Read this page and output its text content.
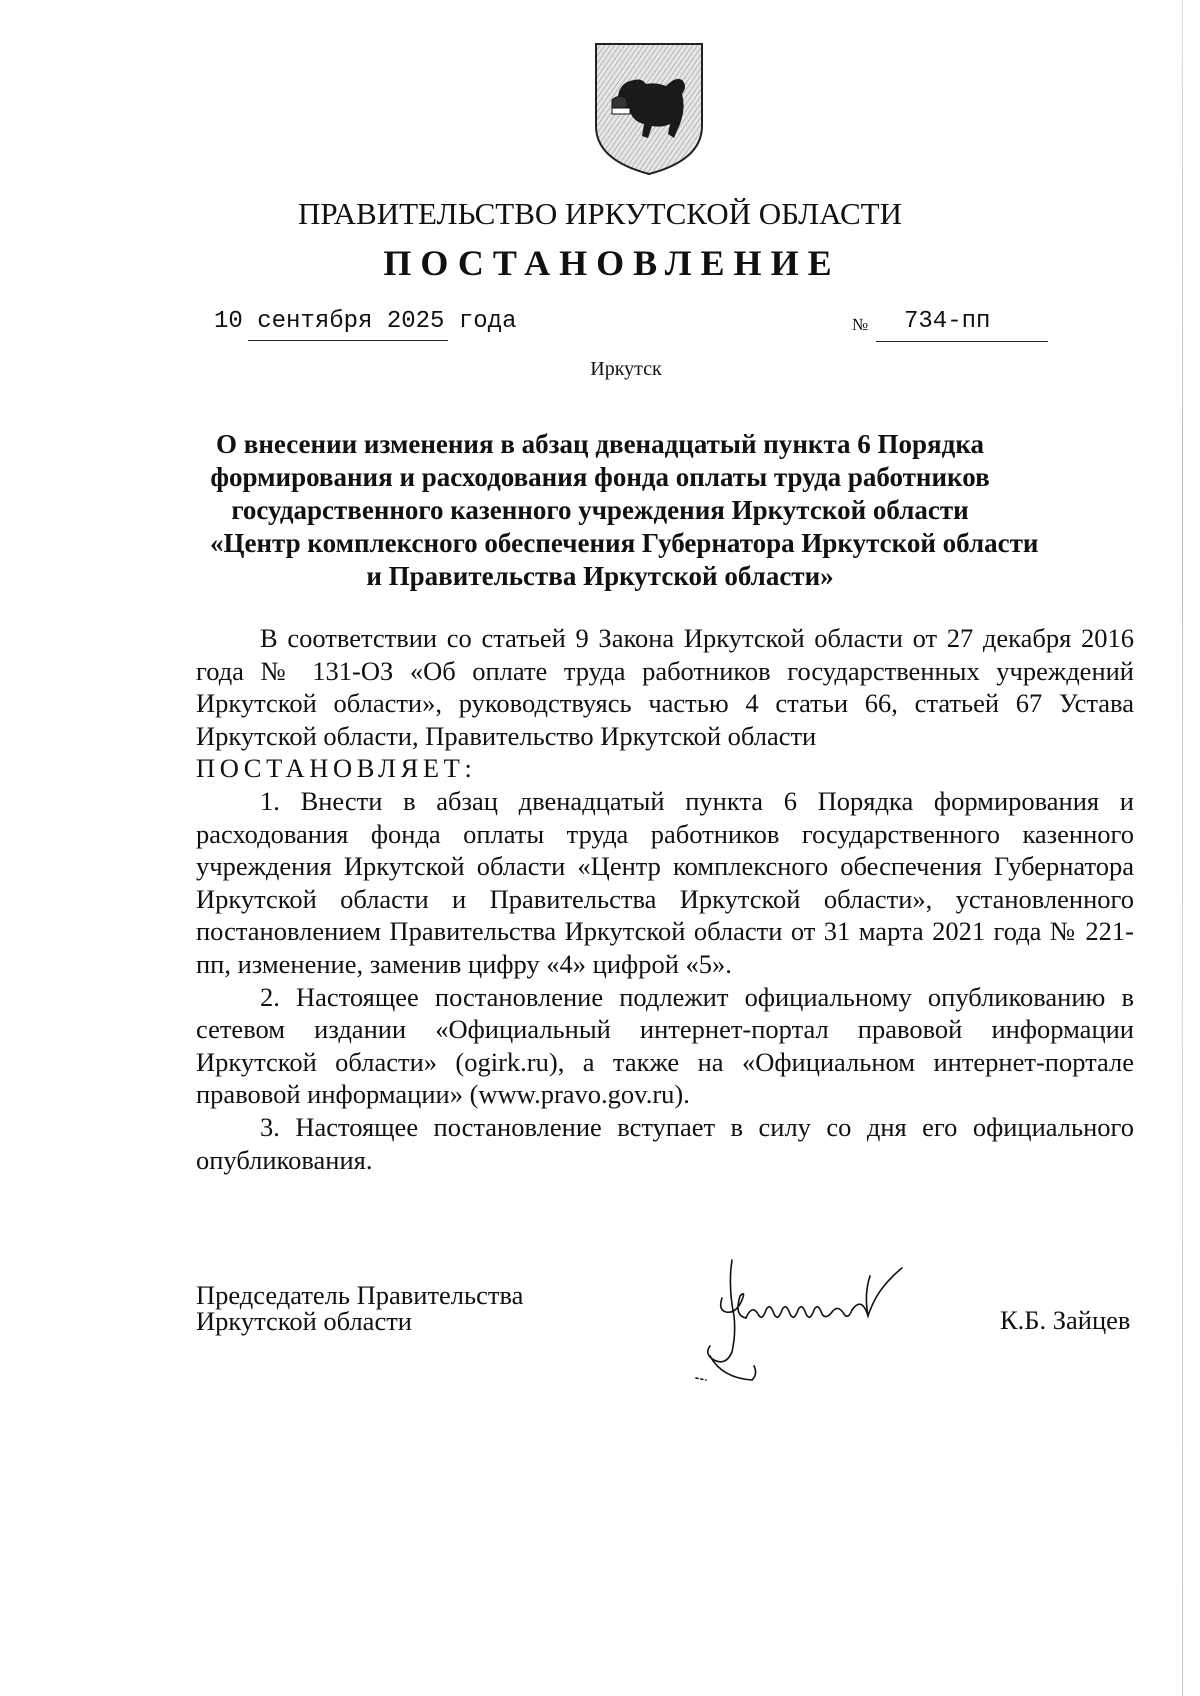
ПРАВИТЕЛЬСТВО ИРКУТСКОЙ ОБЛАСТИ
ПОСТАНОВЛЕНИЕ
10 сентября 2025 года	№ 734-пп
Иркутск
О внесении изменения в абзац двенадцатый пункта 6 Порядка
формирования и расходования фонда оплаты труда работников
государственного казенного учреждения Иркутской области
«Центр комплексного обеспечения Губернатора Иркутской области
и Правительства Иркутской области»

В соответствии со статьей 9 Закона Иркутской области от 27 декабря 2016 года № 131-ОЗ «Об оплате труда работников государственных учреждений Иркутской области», руководствуясь частью 4 статьи 66, статьей 67 Устава Иркутской области, Правительство Иркутской области

ПОСТАНОВЛЯЕТ:

1. Внести в абзац двенадцатый пункта 6 Порядка формирования и расходования фонда оплаты труда работников государственного казенного учреждения Иркутской области «Центр комплексного обеспечения Губернатора Иркутской области и Правительства Иркутской области», установленного постановлением Правительства Иркутской области от 31 марта 2021 года № 221-пп, изменение, заменив цифру «4» цифрой «5».

2. Настоящее постановление подлежит официальному опубликованию в сетевом издании «Официальный интернет-портал правовой информации Иркутской области» (ogirk.ru), а также на «Официальном интернет-портале правовой информации» (www.pravo.gov.ru).

3. Настоящее постановление вступает в силу со дня его официального опубликования.

Председатель Правительства
Иркутской области	К.Б. Зайцев
